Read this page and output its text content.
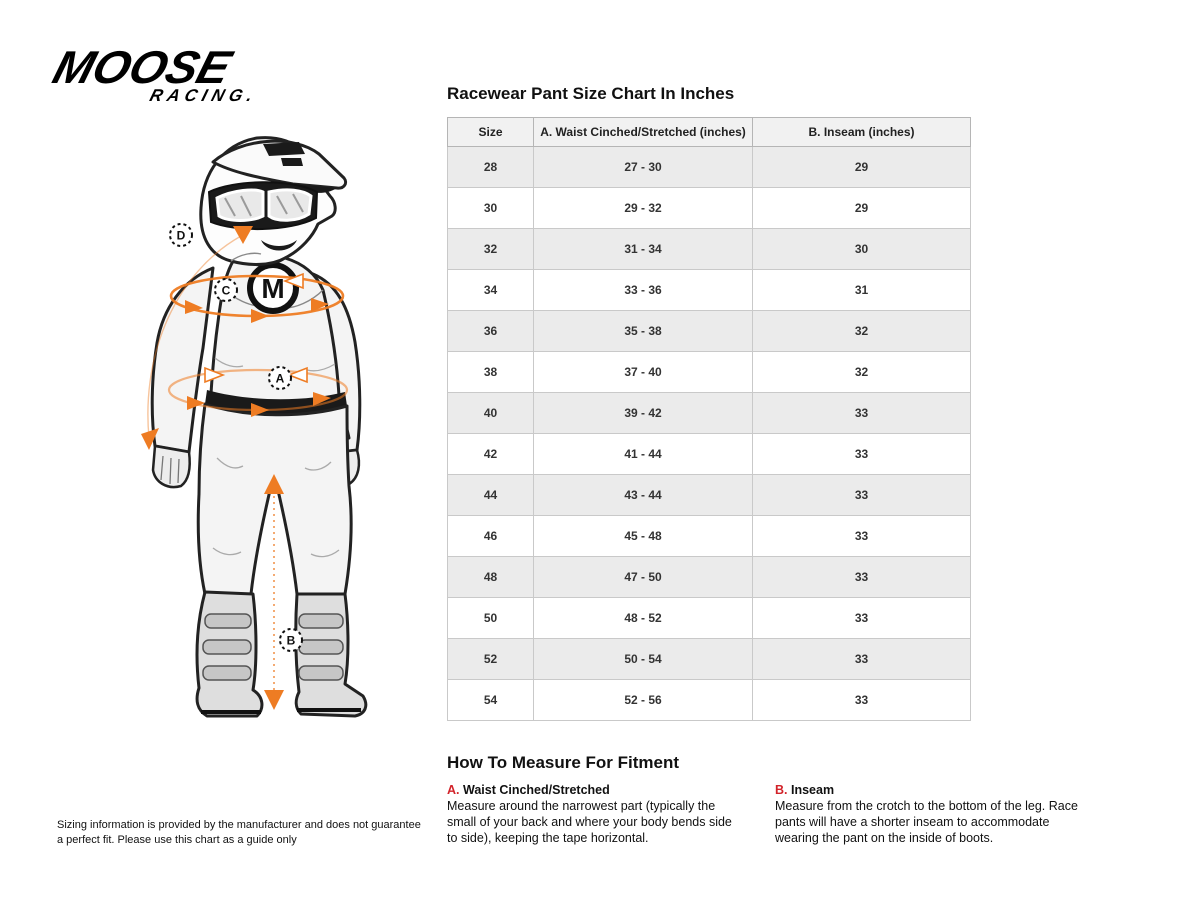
MOOSE
RACING.
M
D
C
A
B
Racewear Pant Size Chart In Inches
Size	A. Waist Cinched/Stretched (inches)	B. Inseam (inches)
28	27 - 30	29
30	29 - 32	29
32	31 - 34	30
34	33 - 36	31
36	35 - 38	32
38	37 - 40	32
40	39 - 42	33
42	41 - 44	33
44	43 - 44	33
46	45 - 48	33
48	47 - 50	33
50	48 - 52	33
52	50 - 54	33
54	52 - 56	33
How To Measure For Fitment
A. Waist Cinched/Stretched
Measure around the narrowest part (typically the small of your back and where your body bends side to side), keeping the tape horizontal.
B. Inseam
Measure from the crotch to the bottom of the leg. Race pants will have a shorter inseam to accommodate wearing the pant on the inside of boots.
Sizing information is provided by the manufacturer and does not guarantee a perfect fit. Please use this chart as a guide only
